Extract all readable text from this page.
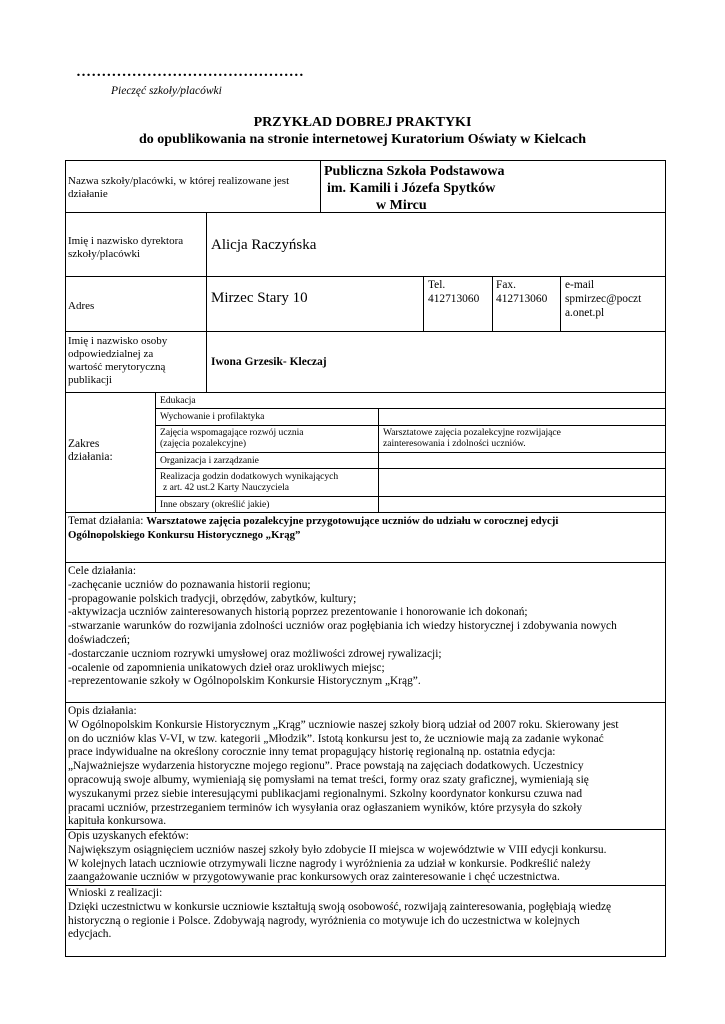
………………………………………
Pieczęć szkoły/placówki
PRZYKŁAD DOBREJ PRAKTYKI
do opublikowania na stronie internetowej Kuratorium Oświaty w Kielcach
Nazwa szkoły/placówki, w której realizowane jest
działanie
Publiczna Szkoła Podstawowa
im. Kamili i Józefa Spytków
w Mircu
Imię i nazwisko dyrektora
szkoły/placówki
Alicja Raczyńska
Adres	Mirzec Stary 10
Tel.
412713060
Fax.
412713060
e-mail
spmirzec@poczt
a.onet.pl
Imię i nazwisko osoby
odpowiedzialnej za
wartość merytoryczną
publikacji
Iwona Grzesik- Kleczaj
Zakres
działania:
Edukacja
Wychowanie i profilaktyka
Zajęcia wspomagające rozwój ucznia
(zajęcia pozalekcyjne)
Warsztatowe zajęcia pozalekcyjne rozwijające
zainteresowania i zdolności uczniów.
Organizacja i zarządzanie
Realizacja godzin dodatkowych wynikających
z art. 42 ust.2 Karty Nauczyciela
Inne obszary (określić jakie)
Temat działania: Warsztatowe zajęcia pozalekcyjne przygotowujące uczniów do udziału w corocznej edycji
Ogólnopolskiego Konkursu Historycznego „Krąg”
Cele działania:
-zachęcanie uczniów do poznawania historii regionu;
-propagowanie polskich tradycji, obrzędów, zabytków, kultury;
-aktywizacja uczniów zainteresowanych historią poprzez prezentowanie i honorowanie ich dokonań;
-stwarzanie warunków do rozwijania zdolności uczniów oraz pogłębiania ich wiedzy historycznej i zdobywania nowych
doświadczeń;
-dostarczanie uczniom rozrywki umysłowej oraz możliwości zdrowej rywalizacji;
-ocalenie od zapomnienia unikatowych dzieł oraz urokliwych miejsc;
-reprezentowanie szkoły w Ogólnopolskim Konkursie Historycznym „Krąg”.
Opis działania:
W Ogólnopolskim Konkursie Historycznym „Krąg” uczniowie naszej szkoły biorą udział od 2007 roku. Skierowany jest
on do uczniów klas V-VI, w tzw. kategorii „Młodzik”. Istotą konkursu jest to, że uczniowie mają za zadanie wykonać
prace indywidualne na określony corocznie inny temat propagujący historię regionalną np. ostatnia edycja:
„Najważniejsze wydarzenia historyczne mojego regionu”. Prace powstają na zajęciach dodatkowych. Uczestnicy
opracowują swoje albumy, wymieniają się pomysłami na temat treści, formy oraz szaty graficznej, wymieniają się
wyszukanymi przez siebie interesującymi publikacjami regionalnymi. Szkolny koordynator konkursu czuwa nad
pracami uczniów, przestrzeganiem terminów ich wysyłania oraz ogłaszaniem wyników, które przysyła do szkoły
kapituła konkursowa.
Opis uzyskanych efektów:
Największym osiągnięciem uczniów naszej szkoły było zdobycie II miejsca w województwie w VIII edycji konkursu.
W kolejnych latach uczniowie otrzymywali liczne nagrody i wyróżnienia za udział w konkursie. Podkreślić należy
zaangażowanie uczniów w przygotowywanie prac konkursowych oraz zainteresowanie i chęć uczestnictwa.
Wnioski z realizacji:
Dzięki uczestnictwu w konkursie uczniowie kształtują swoją osobowość, rozwijają zainteresowania, pogłębiają wiedzę
historyczną o regionie i Polsce. Zdobywają nagrody, wyróżnienia co motywuje ich do uczestnictwa w kolejnych
edycjach.
